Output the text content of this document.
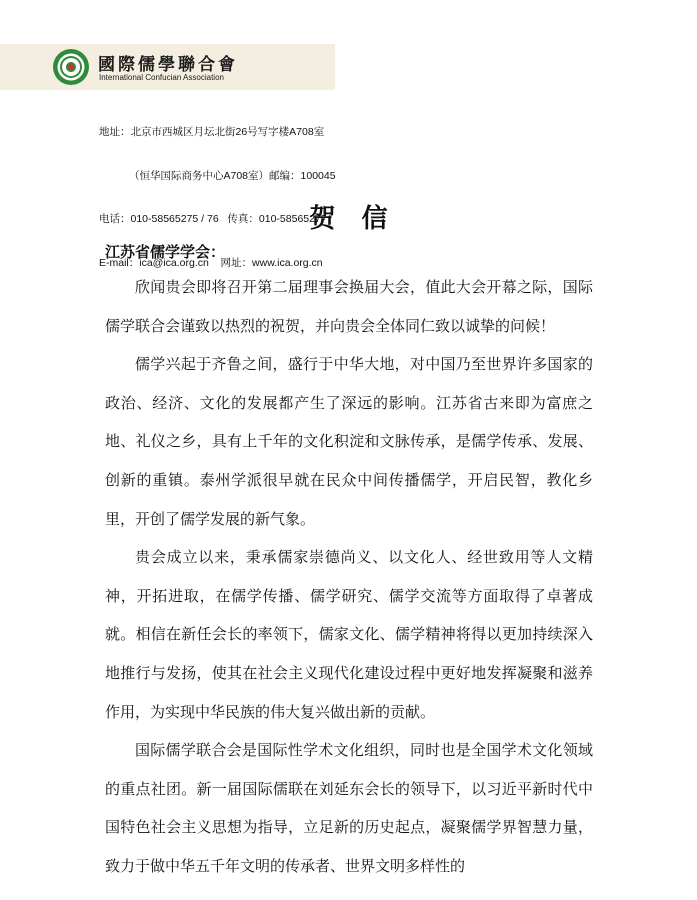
國際儒學聯合會
International Confucian Association

地址：北京市西城区月坛北街26号写字楼A708室

（恒华国际商务中心A708室）邮编：100045

电话：010-58565275 / 76   传真：010-58565277

E-mail：ica@ica.org.cn    网址：www.ica.org.cn

贺信
江苏省儒学学会：

欣闻贵会即将召开第二届理事会换届大会，值此大会开幕之际，国际儒学联合会谨致以热烈的祝贺，并向贵会全体同仁致以诚挚的问候！

儒学兴起于齐鲁之间，盛行于中华大地，对中国乃至世界许多国家的政治、经济、文化的发展都产生了深远的影响。江苏省古来即为富庶之地、礼仪之乡，具有上千年的文化积淀和文脉传承，是儒学传承、发展、创新的重镇。泰州学派很早就在民众中间传播儒学，开启民智，教化乡里，开创了儒学发展的新气象。

贵会成立以来，秉承儒家崇德尚义、以文化人、经世致用等人文精神，开拓进取，在儒学传播、儒学研究、儒学交流等方面取得了卓著成就。相信在新任会长的率领下，儒家文化、儒学精神将得以更加持续深入地推行与发扬，使其在社会主义现代化建设过程中更好地发挥凝聚和滋养作用，为实现中华民族的伟大复兴做出新的贡献。

国际儒学联合会是国际性学术文化组织，同时也是全国学术文化领域的重点社团。新一届国际儒联在刘延东会长的领导下，以习近平新时代中国特色社会主义思想为指导，立足新的历史起点，凝聚儒学界智慧力量，致力于做中华五千年文明的传承者、世界文明多样性的
